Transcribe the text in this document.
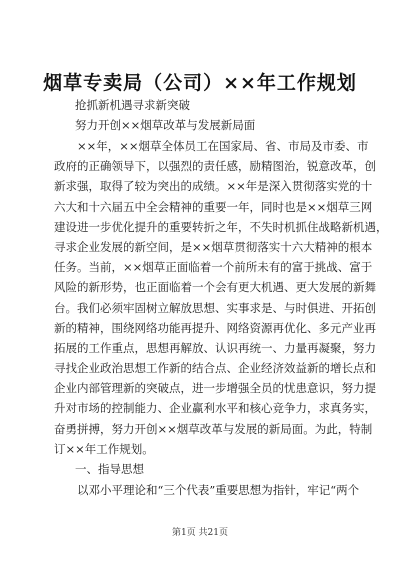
烟草专卖局（公司）××年工作规划
抢抓新机遇寻求新突破
努力开创××烟草改革与发展新局面
××年，××烟草全体员工在国家局、省、市局及市委、市
政府的正确领导下，以强烈的责任感，励精图治，锐意改革，创
新求强，取得了较为突出的成绩。××年是深入贯彻落实党的十
六大和十六届五中全会精神的重要一年，同时也是××烟草三网
建设进一步优化提升的重要转折之年，不失时机抓住战略新机遇，
寻求企业发展的新空间，是××烟草贯彻落实十六大精神的根本
任务。当前，××烟草正面临着一个前所未有的富于挑战、富于
风险的新形势，也正面临着一个会有更大机遇、更大发展的新舞
台。我们必须牢固树立解放思想、实事求是、与时俱进、开拓创
新的精神，围绕网络功能再提升、网络资源再优化、多元产业再
拓展的工作重点，思想再解放、认识再统一、力量再凝聚，努力
寻找企业政治思想工作新的结合点、企业经济效益新的增长点和
企业内部管理新的突破点，进一步增强全员的忧患意识，努力提
升对市场的控制能力、企业赢利水平和核心竞争力，求真务实，
奋勇拼搏，努力开创××烟草改革与发展的新局面。为此，特制
订××年工作规划。
一、指导思想
以邓小平理论和“三个代表”重要思想为指针，牢记“两个
第1页 共21页
